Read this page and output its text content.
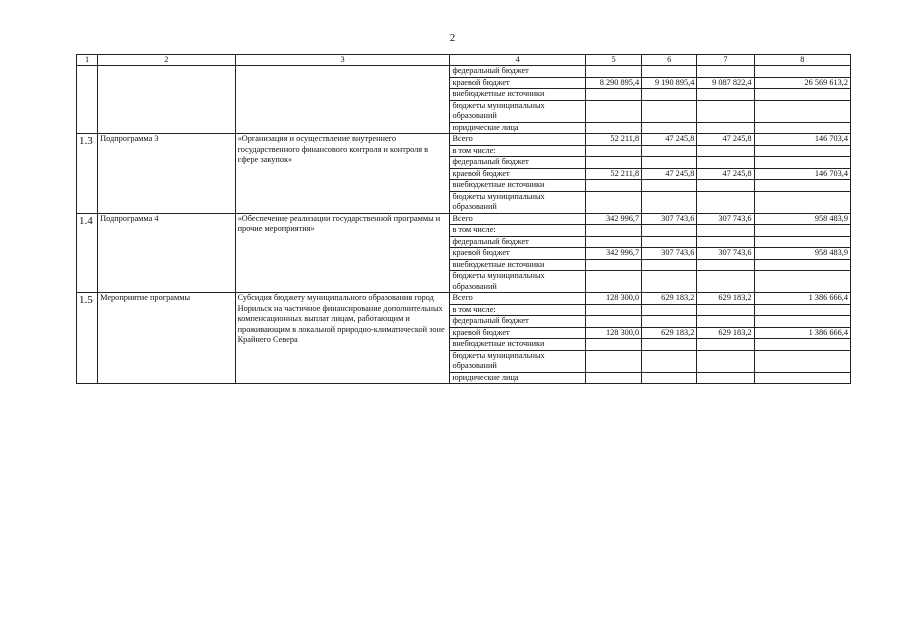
2
1	2	3	4	5	6	7	8
			федеральный бюджет				
			краевой бюджет	8 290 895,4	9 190 895,4	9 087 822,4	26 569 613,2
			внебюджетные источники				
			бюджеты муниципальных образований				
			юридические лица				
1.3	Подпрограмма 3	«Организация и осуществление внутреннего государственного финансового контроля и контроля в сфере закупок»	Всего	52 211,8	47 245,8	47 245,8	146 703,4
			в том числе:				
			федеральный бюджет				
			краевой бюджет	52 211,8	47 245,8	47 245,8	146 703,4
			внебюджетные источники				
			бюджеты муниципальных образований				
1.4	Подпрограмма 4	«Обеспечение реализации государственной программы и прочие мероприятия»	Всего	342 996,7	307 743,6	307 743,6	958 483,9
			в том числе:				
			федеральный бюджет				
			краевой бюджет	342 996,7	307 743,6	307 743,6	958 483,9
			внебюджетные источники				
			бюджеты муниципальных образований				
1.5	Мероприятие программы	Субсидия бюджету муниципального образования город Норильск на частичное финансирование дополнительных компенсационных выплат лицам, работающим и проживающим в локальной природно-климатической зоне Крайнего Севера	Всего	128 300,0	629 183,2	629 183,2	1 386 666,4
			в том числе:				
			федеральный бюджет				
			краевой бюджет	128 300,0	629 183,2	629 183,2	1 386 666,4
			внебюджетные источники				
			бюджеты муниципальных образований				
			юридические лица				
